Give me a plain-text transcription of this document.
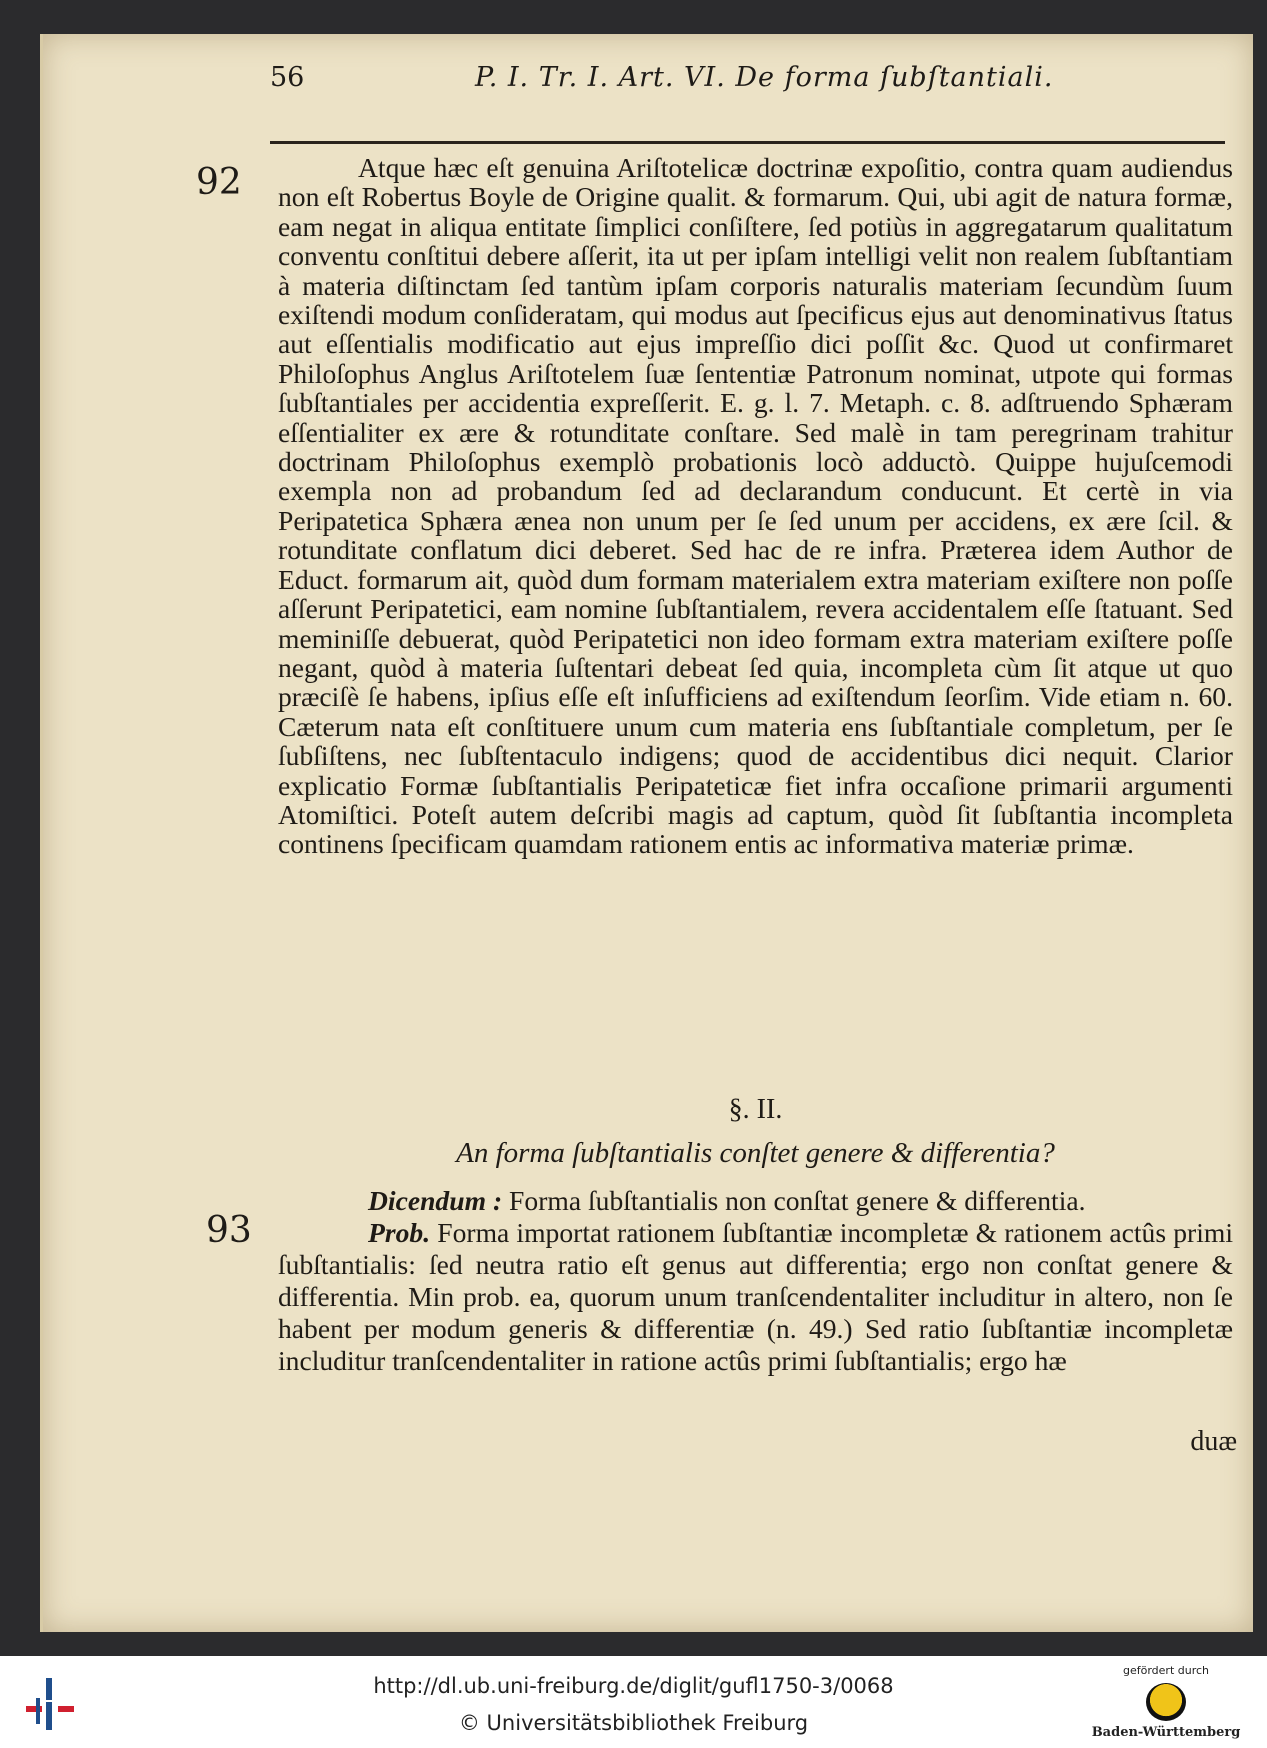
56	P. I. Tr. I. Art. VI. De forma ſubſtantiali.
92
93

Atque hæc eſt genuina Ariſtotelicæ doctrinæ expoſitio, contra quam audiendus non eſt Robertus Boyle de Origine qualit. & formarum. Qui, ubi agit de natura formæ, eam negat in aliqua entitate ſimplici conſiſtere, ſed potiùs in aggregatarum qualitatum conventu conſtitui debere aſſerit, ita ut per ipſam intelligi velit non realem ſubſtantiam à materia diſtinctam ſed tantùm ipſam corporis naturalis materiam ſecundùm ſuum exiſtendi modum conſideratam, qui modus aut ſpecificus ejus aut denominativus ſtatus aut eſſentialis modificatio aut ejus impreſſio dici poſſit &c. Quod ut confirmaret Philoſophus Anglus Ariſtotelem ſuæ ſententiæ Patronum nominat, utpote qui formas ſubſtantiales per accidentia expreſſerit. E. g. l. 7. Metaph. c. 8. adſtruendo Sphæram eſſentialiter ex ære & rotunditate conſtare. Sed malè in tam peregrinam trahitur doctrinam Philoſophus exemplò probationis locò adductò. Quippe hujuſcemodi exempla non ad probandum ſed ad declarandum conducunt. Et certè in via Peripatetica Sphæra ænea non unum per ſe ſed unum per accidens, ex ære ſcil. & rotunditate conflatum dici deberet. Sed hac de re infra. Præterea idem Author de Educt. formarum ait, quòd dum formam materialem extra materiam exiſtere non poſſe aſſerunt Peripatetici, eam nomine ſubſtantialem, revera accidentalem eſſe ſtatuant. Sed meminiſſe debuerat, quòd Peripatetici non ideo formam extra materiam exiſtere poſſe negant, quòd à materia ſuſtentari debeat ſed quia, incompleta cùm ſit atque ut quo præciſè ſe habens, ipſius eſſe eſt inſufficiens ad exiſtendum ſeorſim. Vide etiam n. 60. Cæterum nata eſt conſtituere unum cum materia ens ſubſtantiale completum, per ſe ſubſiſtens, nec ſubſtentaculo indigens; quod de accidentibus dici nequit. Clarior explicatio Formæ ſubſtantialis Peripateticæ fiet infra occaſione primarii argumenti Atomiſtici. Poteſt autem deſcribi magis ad captum, quòd ſit ſubſtantia incompleta continens ſpecificam quamdam rationem entis ac informativa materiæ primæ.

§. II.
An forma ſubſtantialis conſtet genere & differentia?

Dicendum : Forma ſubſtantialis non conſtat genere & differentia.

Prob. Forma importat rationem ſubſtantiæ incompletæ & rationem actûs primi ſubſtantialis: ſed neutra ratio eſt genus aut differentia; ergo non conſtat genere & differentia. Min prob. ea, quorum unum tranſcendentaliter includitur in altero, non ſe habent per modum generis & differentiæ (n. 49.) Sed ratio ſubſtantiæ incompletæ includitur tranſcendentaliter in ratione actûs primi ſubſtantialis; ergo hæ

duæ
http://dl.ub.uni-freiburg.de/diglit/gufl1750-3/0068
© Universitätsbibliothek Freiburg
gefördert durch
Baden-Württemberg
